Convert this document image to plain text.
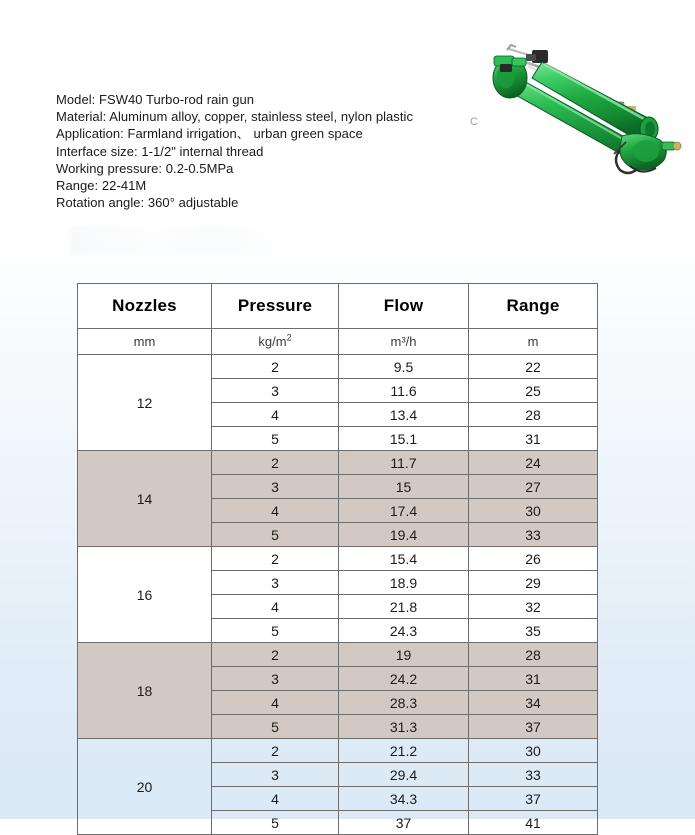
C
Model: FSW40 Turbo-rod rain gun
Material: Aluminum alloy, copper, stainless steel, nylon plastic
Application: Farmland irrigation、 urban green space
Interface size: 1-1/2" internal thread
Working pressure: 0.2-0.5MPa
Range: 22-41M
Rotation angle: 360° adjustable
Nozzles	Pressure	Flow	Range
mm	$kg/m^2$	m³/h	m
12	2	9.5	22
	3	11.6	25
	4	13.4	28
	5	15.1	31
14	2	11.7	24
	3	15	27
	4	17.4	30
	5	19.4	33
16	2	15.4	26
	3	18.9	29
	4	21.8	32
	5	24.3	35
18	2	19	28
	3	24.2	31
	4	28.3	34
	5	31.3	37
20	2	21.2	30
	3	29.4	33
	4	34.3	37
	5	37	41
